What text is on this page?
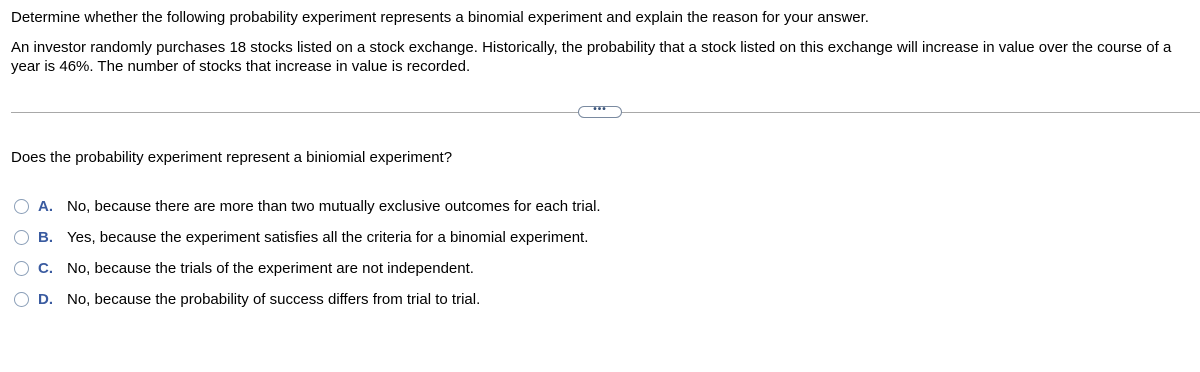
Determine whether the following probability experiment represents a binomial experiment and explain the reason for your answer.
An investor randomly purchases 18 stocks listed on a stock exchange. Historically, the probability that a stock listed on this exchange will increase in value over the course of a year is 46%. The number of stocks that increase in value is recorded.
•••
Does the probability experiment represent a biniomial experiment?
A. No, because there are more than two mutually exclusive outcomes for each trial.
B. Yes, because the experiment satisfies all the criteria for a binomial experiment.
C. No, because the trials of the experiment are not independent.
D. No, because the probability of success differs from trial to trial.
